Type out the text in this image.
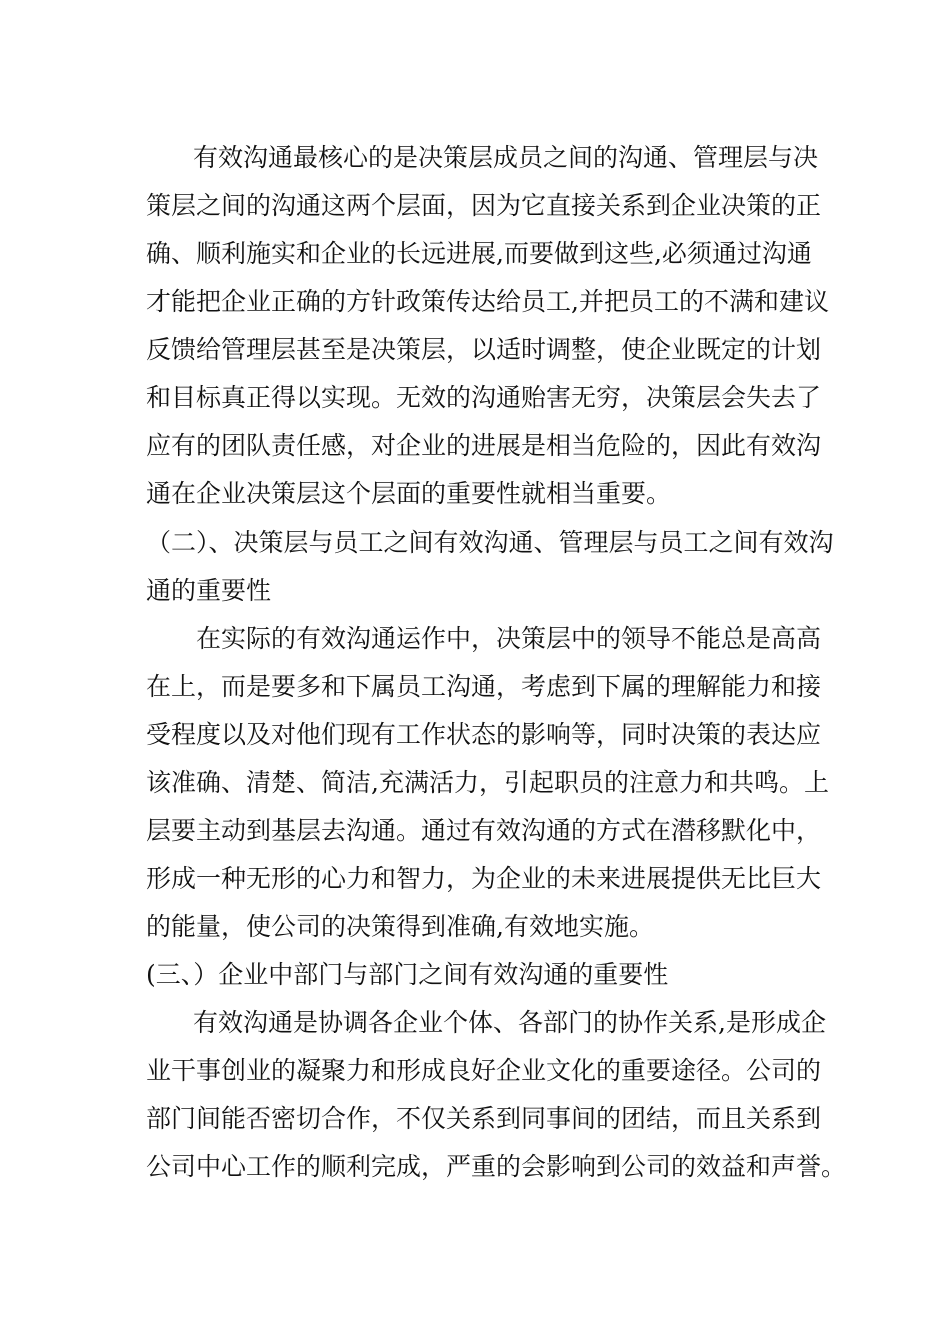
有效沟通最核心的是决策层成员之间的沟通、管理层与决

策层之间的沟通这两个层面，因为它直接关系到企业决策的正

确、顺利施实和企业的长远进展,而要做到这些,必须通过沟通

才能把企业正确的方针政策传达给员工,并把员工的不满和建议

反馈给管理层甚至是决策层，以适时调整，使企业既定的计划

和目标真正得以实现。无效的沟通贻害无穷，决策层会失去了

应有的团队责任感，对企业的进展是相当危险的，因此有效沟

通在企业决策层这个层面的重要性就相当重要。

（二）、决策层与员工之间有效沟通、管理层与员工之间有效沟

通的重要性

在实际的有效沟通运作中，决策层中的领导不能总是高高

在上，而是要多和下属员工沟通，考虑到下属的理解能力和接

受程度以及对他们现有工作状态的影响等，同时决策的表达应

该准确、清楚、简洁,充满活力，引起职员的注意力和共鸣。上

层要主动到基层去沟通。通过有效沟通的方式在潜移默化中，

形成一种无形的心力和智力，为企业的未来进展提供无比巨大

的能量，使公司的决策得到准确,有效地实施。

(三、）企业中部门与部门之间有效沟通的重要性

有效沟通是协调各企业个体、各部门的协作关系,是形成企

业干事创业的凝聚力和形成良好企业文化的重要途径。公司的

部门间能否密切合作，不仅关系到同事间的团结，而且关系到

公司中心工作的顺利完成，严重的会影响到公司的效益和声誉。
